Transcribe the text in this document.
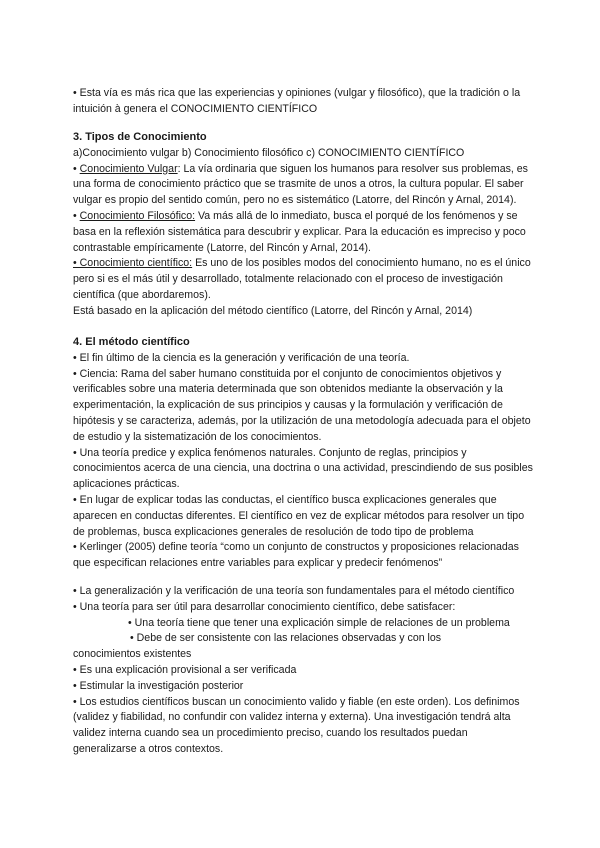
• Esta vía es más rica que las experiencias y opiniones (vulgar y filosófico), que la tradición o la intuición à genera el CONOCIMIENTO CIENTÍFICO

3. Tipos de Conocimiento

a)Conocimiento vulgar b) Conocimiento filosófico c) CONOCIMIENTO CIENTÍFICO

• Conocimiento Vulgar: La vía ordinaria que siguen los humanos para resolver sus problemas, es una forma de conocimiento práctico que se trasmite de unos a otros, la cultura popular. El saber vulgar es propio del sentido común, pero no es sistemático (Latorre, del Rincón y Arnal, 2014).

• Conocimiento Filosófico: Va más allá de lo inmediato, busca el porqué de los fenómenos y se basa en la reflexión sistemática para descubrir y explicar. Para la educación es impreciso y poco contrastable empíricamente (Latorre, del Rincón y Arnal, 2014).

• Conocimiento científico: Es uno de los posibles modos del conocimiento humano, no es el único pero si es el más útil y desarrollado, totalmente relacionado con el proceso de investigación científica (que abordaremos).

Está basado en la aplicación del método científico (Latorre, del Rincón y Arnal, 2014)

4. El método científico

• El fin último de la ciencia es la generación y verificación de una teoría.

• Ciencia: Rama del saber humano constituida por el conjunto de conocimientos objetivos y verificables sobre una materia determinada que son obtenidos mediante la observación y la experimentación, la explicación de sus principios y causas y la formulación y verificación de hipótesis y se caracteriza, además, por la utilización de una metodología adecuada para el objeto de estudio y la sistematización de los conocimientos.

• Una teoría predice y explica fenómenos naturales. Conjunto de reglas, principios y conocimientos acerca de una ciencia, una doctrina o una actividad, prescindiendo de sus posibles aplicaciones prácticas.

• En lugar de explicar todas las conductas, el científico busca explicaciones generales que aparecen en conductas diferentes. El científico en vez de explicar métodos para resolver un tipo de problemas, busca explicaciones generales de resolución de todo tipo de problema

• Kerlinger (2005) define teoría “como un conjunto de constructos y proposiciones relacionadas que especifican relaciones entre variables para explicar y predecir fenómenos”

• La generalización y la verificación de una teoría son fundamentales para el método científico

• Una teoría para ser útil para desarrollar conocimiento científico, debe satisfacer:

• Una teoría tiene que tener una explicación simple de relaciones de un problema

• Debe de ser consistente con las relaciones observadas y con los

conocimientos existentes

• Es una explicación provisional a ser verificada

• Estimular la investigación posterior

• Los estudios científicos buscan un conocimiento valido y fiable (en este orden). Los definimos (validez y fiabilidad, no confundir con validez interna y externa). Una investigación tendrá alta validez interna cuando sea un procedimiento preciso, cuando los resultados puedan generalizarse a otros contextos.
